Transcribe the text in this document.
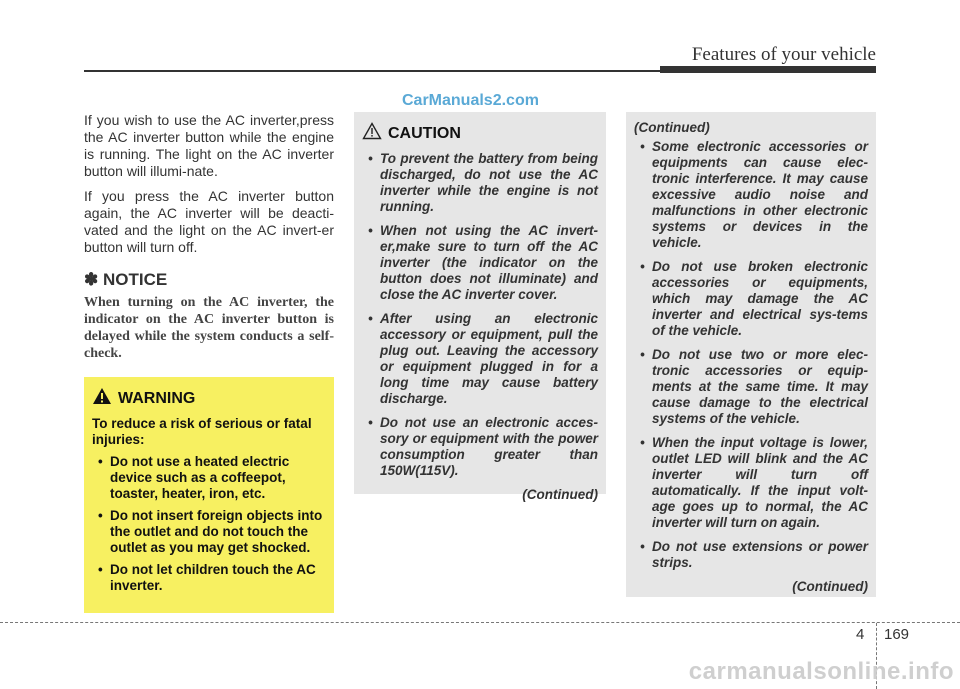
Features of your vehicle
CarManuals2.com

If you wish to use the AC inverter,press the AC inverter button while the engine is running. The light on the AC inverter button will illumi-nate.

If you press the AC inverter button again, the AC inverter will be deacti-vated and the light on the AC invert-er button will turn off.

✽ NOTICE

When turning on the AC inverter, the indicator on the AC inverter button is delayed while the system conducts a self-check.

WARNING

To reduce a risk of serious or fatal injuries:

• Do not use a heated electric device such as a coffeepot, toaster, heater, iron, etc.
• Do not insert foreign objects into the outlet and do not touch the outlet as you may get shocked.
• Do not let children touch the AC inverter.
CAUTION
• To prevent the battery from being discharged, do not use the AC inverter while the engine is not running.
• When not using the AC invert-er,make sure to turn off the AC inverter (the indicator on the button does not illuminate) and close the AC inverter cover.
• After using an electronic accessory or equipment, pull the plug out. Leaving the accessory or equipment plugged in for a long time may cause battery discharge.
• Do not use an electronic acces-sory or equipment with the power consumption greater than 150W(115V).
(Continued)

(Continued)

• Some electronic accessories or equipments can cause elec-tronic interference. It may cause excessive audio noise and malfunctions in other electronic systems or devices in the vehicle.
• Do not use broken electronic accessories or equipments, which may damage the AC inverter and electrical sys-tems of the vehicle.
• Do not use two or more elec-tronic accessories or equip-ments at the same time. It may cause damage to the electrical systems of the vehicle.
• When the input voltage is lower, outlet LED will blink and the AC inverter will turn off automatically. If the input volt-age goes up to normal, the AC inverter will turn on again.
• Do not use extensions or power strips.
(Continued)
4 169
carmanualsonline.info
